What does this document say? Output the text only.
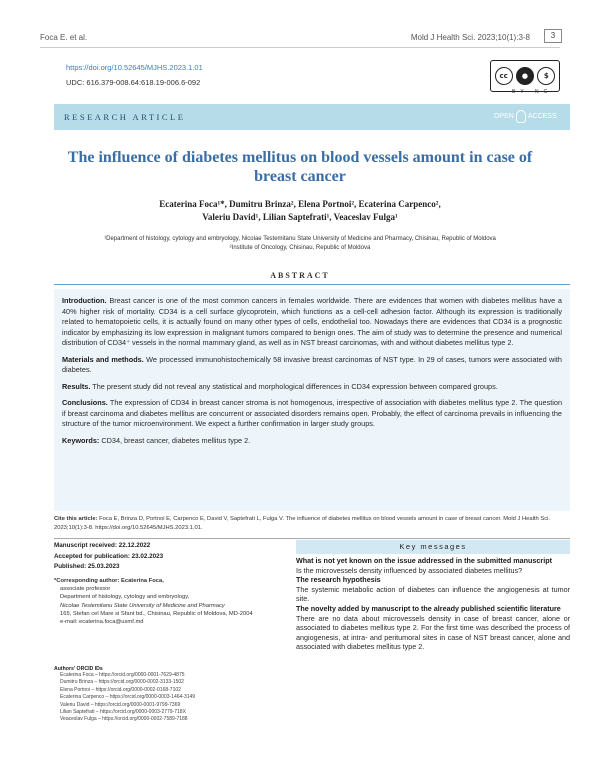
Foca E. et al.	Mold J Health Sci. 2023;10(1):3-8	3
https://doi.org/10.52645/MJHS.2023.1.01
UDC: 616.379-008.64:618.19-006.6-092
cc	●	$
BY NC
RESEARCH ARTICLE	OPEN ACCESS
The influence of diabetes mellitus on blood vessels amount in case of breast cancer
Ecaterina Foca¹*, Dumitru Brinza², Elena Portnoi², Ecaterina Carpenco²,
Valeriu David¹, Lilian Saptefrati¹, Veaceslav Fulga¹
¹Department of histology, cytology and embryology, Nicolae Testemitanu State University of Medicine and Pharmacy, Chisinau, Republic of Moldova
²Institute of Oncology, Chisinau, Republic of Moldova
ABSTRACT

Introduction. Breast cancer is one of the most common cancers in females worldwide. There are evidences that women with diabetes mellitus have a 40% higher risk of mortality. CD34 is a cell surface glycoprotein, which functions as a cell-cell adhesion factor. Although its expression is traditionally related to hematopoietic cells, it is actually found on many other types of cells, endothelial too. Nowadays there are evidences that CD34 is a prognostic indicator by emphasizing its low expression in malignant tumors compared to benign ones. The aim of study was to determine the presence and numerical distribution of CD34⁺ vessels in the normal mammary gland, as well as in NST breast carcinomas, with and without diabetes mellitus type 2.

Materials and methods. We processed immunohistochemically 58 invasive breast carcinomas of NST type. In 29 of cases, tumors were associated with diabetes.

Results. The present study did not reveal any statistical and morphological differences in CD34 expression between compared groups.

Conclusions. The expression of CD34 in breast cancer stroma is not homogenous, irrespective of association with diabetes mellitus type 2. The question if breast carcinoma and diabetes mellitus are concurrent or associated disorders remains open. Probably, the effect of carcinoma prevails in influencing the structure of the tumor microenvironment. We expect a further confirmation in larger study groups.

Keywords: CD34, breast cancer, diabetes mellitus type 2.

Cite this article: Foca E, Brinza D, Portnoi E, Carpenco E, David V, Saptefrati L, Fulga V. The influence of diabetes mellitus on blood vessels amount in case of breast cancer. Mold J Health Sci. 2023;10(1):3-8. https://doi.org/10.52645/MJHS.2023.1.01.
Manuscript received: 22.12.2022
Accepted for publication: 23.02.2023
Published: 25.03.2023
*Corresponding author: Ecaterina Foca,
associate professor
Department of histology, cytology and embryology,
Nicolae Testemitanu State University of Medicine and Pharmacy
165, Stefan cel Mare si Sfant bd., Chisinau, Republic of Moldova, MD-2004
e-mail: ecaterina.foca@usmf.md
Authors' ORCID IDs
Ecaterina Foca – https://orcid.org/0000-0001-7629-4875
Dumitru Brinza – https://orcid.org/0000-0002-3133-1502
Elena Portnoi – https://orcid.org/0000-0002-0168-7102
Ecaterina Carpenco – https://orcid.org/0000-0003-1464-3149
Valeriu David – https://orcid.org/0000-0001-9799-7369
Lilian Saptefrati – https://orcid.org/0000-0003-2779-718X
Veaceslav Fulga – https://orcid.org/0000-0002-7589-7188
Key messages
What is not yet known on the issue addressed in the submitted manuscript
Is the microvessels density influenced by associated diabetes mellitus?
The research hypothesis
The systemic metabolic action of diabetes can influence the angiogenesis at tumor site.
The novelty added by manuscript to the already published scientific literature
There are no data about microvessels density in case of breast cancer, alone or associated to diabetes mellitus type 2. For the first time was described the process of angiogenesis, at intra- and peritumoral sites in case of NST breast cancer, alone and associated with diabetes mellitus type 2.
